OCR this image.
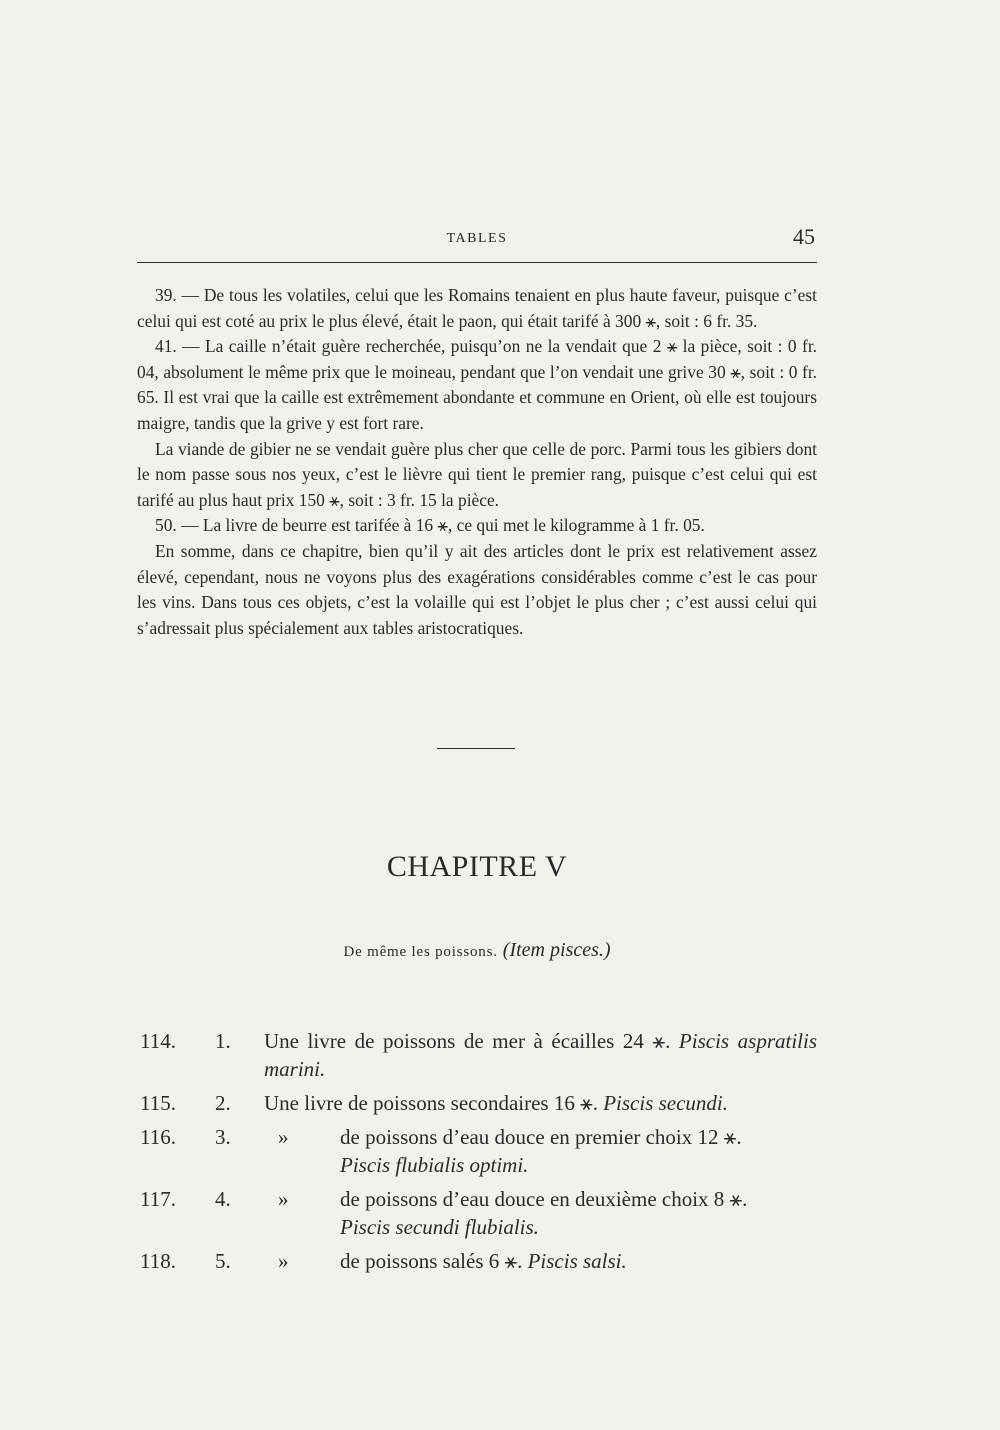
TABLES	45

39. — De tous les volatiles, celui que les Romains tenaient en plus haute faveur, puisque c’est celui qui est coté au prix le plus élevé, était le paon, qui était tarifé à 300 ⚹, soit : 6 fr. 35.

41. — La caille n’était guère recherchée, puisqu’on ne la vendait que 2 ⚹ la pièce, soit : 0 fr. 04, absolument le même prix que le moineau, pendant que l’on vendait une grive 30 ⚹, soit : 0 fr. 65. Il est vrai que la caille est extrêmement abondante et commune en Orient, où elle est toujours maigre, tandis que la grive y est fort rare.

La viande de gibier ne se vendait guère plus cher que celle de porc. Parmi tous les gibiers dont le nom passe sous nos yeux, c’est le lièvre qui tient le premier rang, puisque c’est celui qui est tarifé au plus haut prix 150 ⚹, soit : 3 fr. 15 la pièce.

50. — La livre de beurre est tarifée à 16 ⚹, ce qui met le kilogramme à 1 fr. 05.

En somme, dans ce chapitre, bien qu’il y ait des articles dont le prix est relativement assez élevé, cependant, nous ne voyons plus des exagérations considérables comme c’est le cas pour les vins. Dans tous ces objets, c’est la volaille qui est l’objet le plus cher ; c’est aussi celui qui s’adressait plus spécialement aux tables aristocratiques.

CHAPITRE V
De même les poissons. (Item pisces.)
114. 1. Une livre de poissons de mer à écailles 24 ⚹. Piscis aspratilis marini.
115. 2. Une livre de poissons secondaires 16 ⚹. Piscis secundi.
116. 3. » de poissons d’eau douce en premier choix 12 ⚹.
Piscis flubialis optimi.
117. 4. » de poissons d’eau douce en deuxième choix 8 ⚹.
Piscis secundi flubialis.
118. 5. » de poissons salés 6 ⚹. Piscis salsi.
